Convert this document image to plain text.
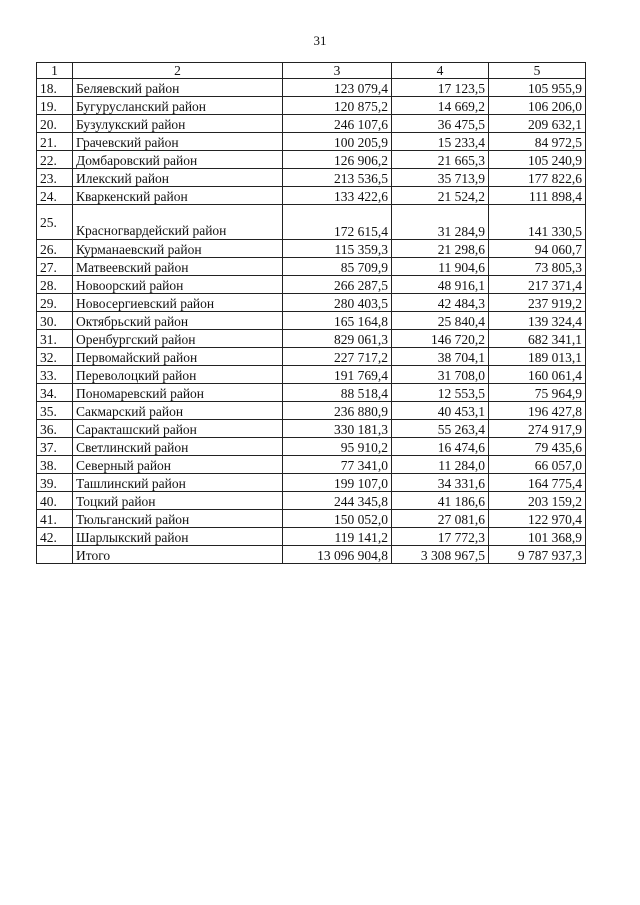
31
1	2	3	4	5
18.	Беляевский район	123 079,4	17 123,5	105 955,9
19.	Бугурусланский район	120 875,2	14 669,2	106 206,0
20.	Бузулукский район	246 107,6	36 475,5	209 632,1
21.	Грачевский район	100 205,9	15 233,4	84 972,5
22.	Домбаровский район	126 906,2	21 665,3	105 240,9
23.	Илекский район	213 536,5	35 713,9	177 822,6
24.	Кваркенский район	133 422,6	21 524,2	111 898,4
25.	Красногвардейский район	172 615,4	31 284,9	141 330,5
26.	Курманаевский район	115 359,3	21 298,6	94 060,7
27.	Матвеевский район	85 709,9	11 904,6	73 805,3
28.	Новоорский район	266 287,5	48 916,1	217 371,4
29.	Новосергиевский район	280 403,5	42 484,3	237 919,2
30.	Октябрьский район	165 164,8	25 840,4	139 324,4
31.	Оренбургский район	829 061,3	146 720,2	682 341,1
32.	Первомайский район	227 717,2	38 704,1	189 013,1
33.	Переволоцкий район	191 769,4	31 708,0	160 061,4
34.	Пономаревский район	88 518,4	12 553,5	75 964,9
35.	Сакмарский район	236 880,9	40 453,1	196 427,8
36.	Саракташский район	330 181,3	55 263,4	274 917,9
37.	Светлинский район	95 910,2	16 474,6	79 435,6
38.	Северный район	77 341,0	11 284,0	66 057,0
39.	Ташлинский район	199 107,0	34 331,6	164 775,4
40.	Тоцкий район	244 345,8	41 186,6	203 159,2
41.	Тюльганский район	150 052,0	27 081,6	122 970,4
42.	Шарлыкский район	119 141,2	17 772,3	101 368,9
	Итого	13 096 904,8	3 308 967,5	9 787 937,3
